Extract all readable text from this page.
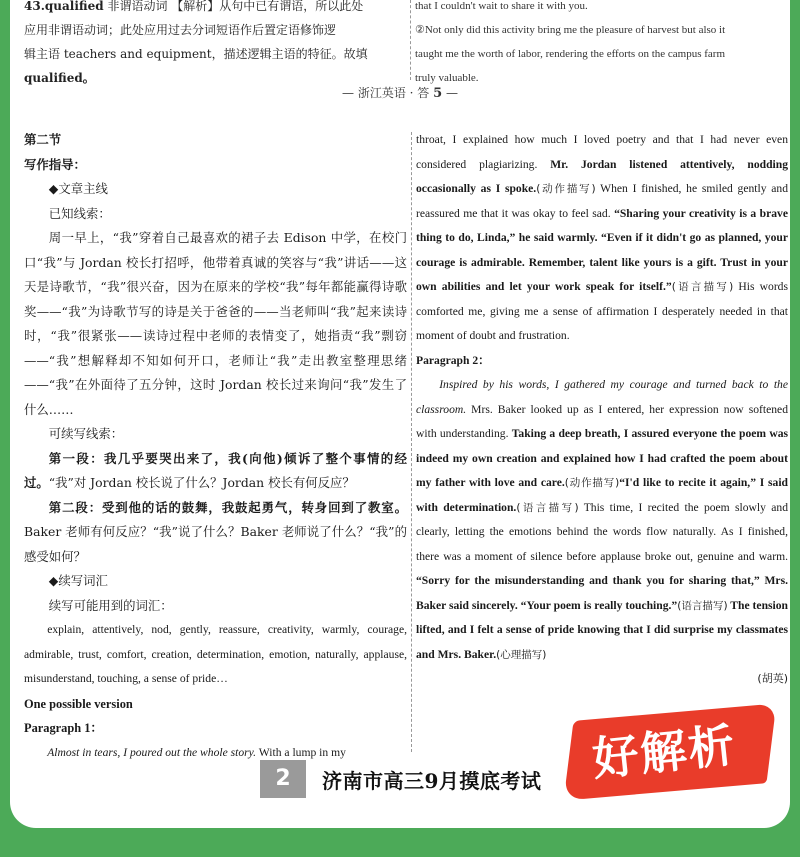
43.qualified 非谓语动词 【解析】从句中已有谓语，所以此处
应用非谓语动词；此处应用过去分词短语作后置定语修饰逻
辑主语 teachers and equipment，描述逻辑主语的特征。故填
qualified。
that I couldn't wait to share it with you.
②Not only did this activity bring me the pleasure of harvest but also it
taught me the worth of labor, rendering the efforts on the campus farm
truly valuable.
— 浙江英语 · 答 5 —

第二节

写作指导：

◆文章主线

已知线索：

周一早上，“我”穿着自己最喜欢的裙子去 Edison 中学，在校门口“我”与 Jordan 校长打招呼，他带着真诚的笑容与“我”讲话——这天是诗歌节，“我”很兴奋，因为在原来的学校“我”每年都能赢得诗歌奖——“我”为诗歌节写的诗是关于爸爸的——当老师叫“我”起来读诗时，“我”很紧张——读诗过程中老师的表情变了，她指责“我”剽窃——“我”想解释却不知如何开口，老师让“我”走出教室整理思绪——“我”在外面待了五分钟，这时 Jordan 校长过来询问“我”发生了什么……

可续写线索：

第一段：我几乎要哭出来了，我(向他)倾诉了整个事情的经过。“我”对 Jordan 校长说了什么？Jordan 校长有何反应？

第二段：受到他的话的鼓舞，我鼓起勇气，转身回到了教室。Baker 老师有何反应？“我”说了什么？Baker 老师说了什么？“我”的感受如何？

◆续写词汇

续写可能用到的词汇：

explain, attentively, nod, gently, reassure, creativity, warmly, courage, admirable, trust, comfort, creation, determination, emotion, naturally, applause, misunderstand, touching, a sense of pride…

One possible version

Paragraph 1：

Almost in tears, I poured out the whole story. With a lump in my

throat, I explained how much I loved poetry and that I had never even considered plagiarizing. Mr. Jordan listened attentively, nodding occasionally as I spoke.(动作描写) When I finished, he smiled gently and reassured me that it was okay to feel sad. “Sharing your creativity is a brave thing to do, Linda,” he said warmly. “Even if it didn't go as planned, your courage is admirable. Remember, talent like yours is a gift. Trust in your own abilities and let your work speak for itself.”(语言描写) His words comforted me, giving me a sense of affirmation I desperately needed in that moment of doubt and frustration.

Paragraph 2：

Inspired by his words, I gathered my courage and turned back to the classroom. Mrs. Baker looked up as I entered, her expression now softened with understanding. Taking a deep breath, I assured everyone the poem was indeed my own creation and explained how I had crafted the poem about my father with love and care.(动作描写)“I'd like to recite it again,” I said with determination.(语言描写) This time, I recited the poem slowly and clearly, letting the emotions behind the words flow naturally. As I finished, there was a moment of silence before applause broke out, genuine and warm. “Sorry for the misunderstanding and thank you for sharing that,” Mrs. Baker said sincerely. “Your poem is really touching.”(语言描写) The tension lifted, and I felt a sense of pride knowing that I did surprise my classmates and Mrs. Baker.(心理描写)

(胡英)

2	济南市高三9月摸底考试 好解析
